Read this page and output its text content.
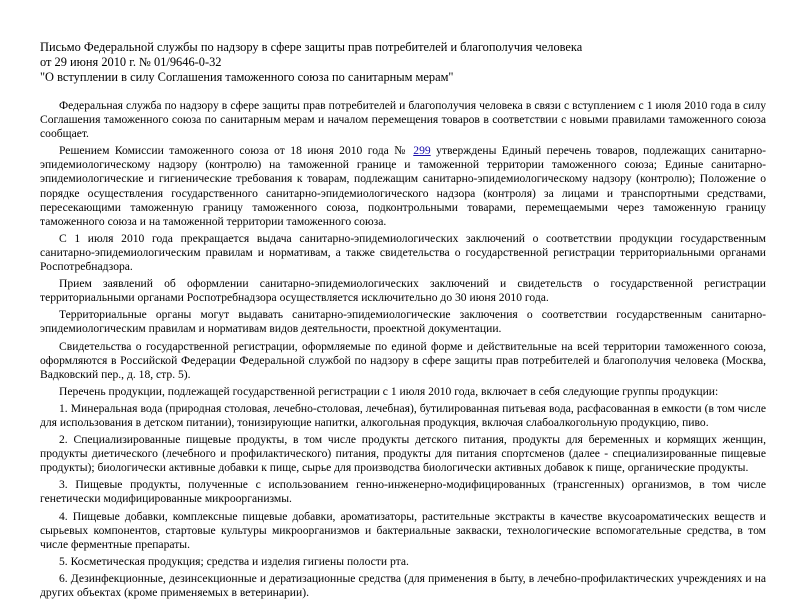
Письмо Федеральной службы по надзору в сфере защиты прав потребителей и благополучия человека
от 29 июня 2010 г. № 01/9646-0-32
"О вступлении в силу Соглашения таможенного союза по санитарным мерам"

Федеральная служба по надзору в сфере защиты прав потребителей и благополучия человека в связи с вступлением с 1 июля 2010 года в силу Соглашения таможенного союза по санитарным мерам и началом перемещения товаров в соответствии с новыми правилами таможенного союза сообщает.

Решением Комиссии таможенного союза от 18 июня 2010 года № 299 утверждены Единый перечень товаров, подлежащих санитарно-эпидемиологическому надзору (контролю) на таможенной границе и таможенной территории таможенного союза; Единые санитарно-эпидемиологические и гигиенические требования к товарам, подлежащим санитарно-эпидемиологическому надзору (контролю); Положение о порядке осуществления государственного санитарно-эпидемиологического надзора (контроля) за лицами и транспортными средствами, пересекающими таможенную границу таможенного союза, подконтрольными товарами, перемещаемыми через таможенную границу таможенного союза и на таможенной территории таможенного союза.

С 1 июля 2010 года прекращается выдача санитарно-эпидемиологических заключений о соответствии продукции государственным санитарно-эпидемиологическим правилам и нормативам, а также свидетельства о государственной регистрации территориальными органами Роспотребнадзора.

Прием заявлений об оформлении санитарно-эпидемиологических заключений и свидетельств о государственной регистрации территориальными органами Роспотребнадзора осуществляется исключительно до 30 июня 2010 года.

Территориальные органы могут выдавать санитарно-эпидемиологические заключения о соответствии государственным санитарно-эпидемиологическим правилам и нормативам видов деятельности, проектной документации.

Свидетельства о государственной регистрации, оформляемые по единой форме и действительные на всей территории таможенного союза, оформляются в Российской Федерации Федеральной службой по надзору в сфере защиты прав потребителей и благополучия человека (Москва, Вадковский пер., д. 18, стр. 5).

Перечень продукции, подлежащей государственной регистрации с 1 июля 2010 года, включает в себя следующие группы продукции:

1. Минеральная вода (природная столовая, лечебно-столовая, лечебная), бутилированная питьевая вода, расфасованная в емкости (в том числе для использования в детском питании), тонизирующие напитки, алкогольная продукция, включая слабоалкогольную продукцию, пиво.

2. Специализированные пищевые продукты, в том числе продукты детского питания, продукты для беременных и кормящих женщин, продукты диетического (лечебного и профилактического) питания, продукты для питания спортсменов (далее - специализированные пищевые продукты); биологически активные добавки к пище, сырье для производства биологически активных добавок к пище, органические продукты.

3. Пищевые продукты, полученные с использованием генно-инженерно-модифицированных (трансгенных) организмов, в том числе генетически модифицированные микроорганизмы.

4. Пищевые добавки, комплексные пищевые добавки, ароматизаторы, растительные экстракты в качестве вкусоароматических веществ и сырьевых компонентов, стартовые культуры микроорганизмов и бактериальные закваски, технологические вспомогательные средства, в том числе ферментные препараты.

5. Косметическая продукция; средства и изделия гигиены полости рта.

6. Дезинфекционные, дезинсекционные и дератизационные средства (для применения в быту, в лечебно-профилактических учреждениях и на других объектах (кроме применяемых в ветеринарии).
